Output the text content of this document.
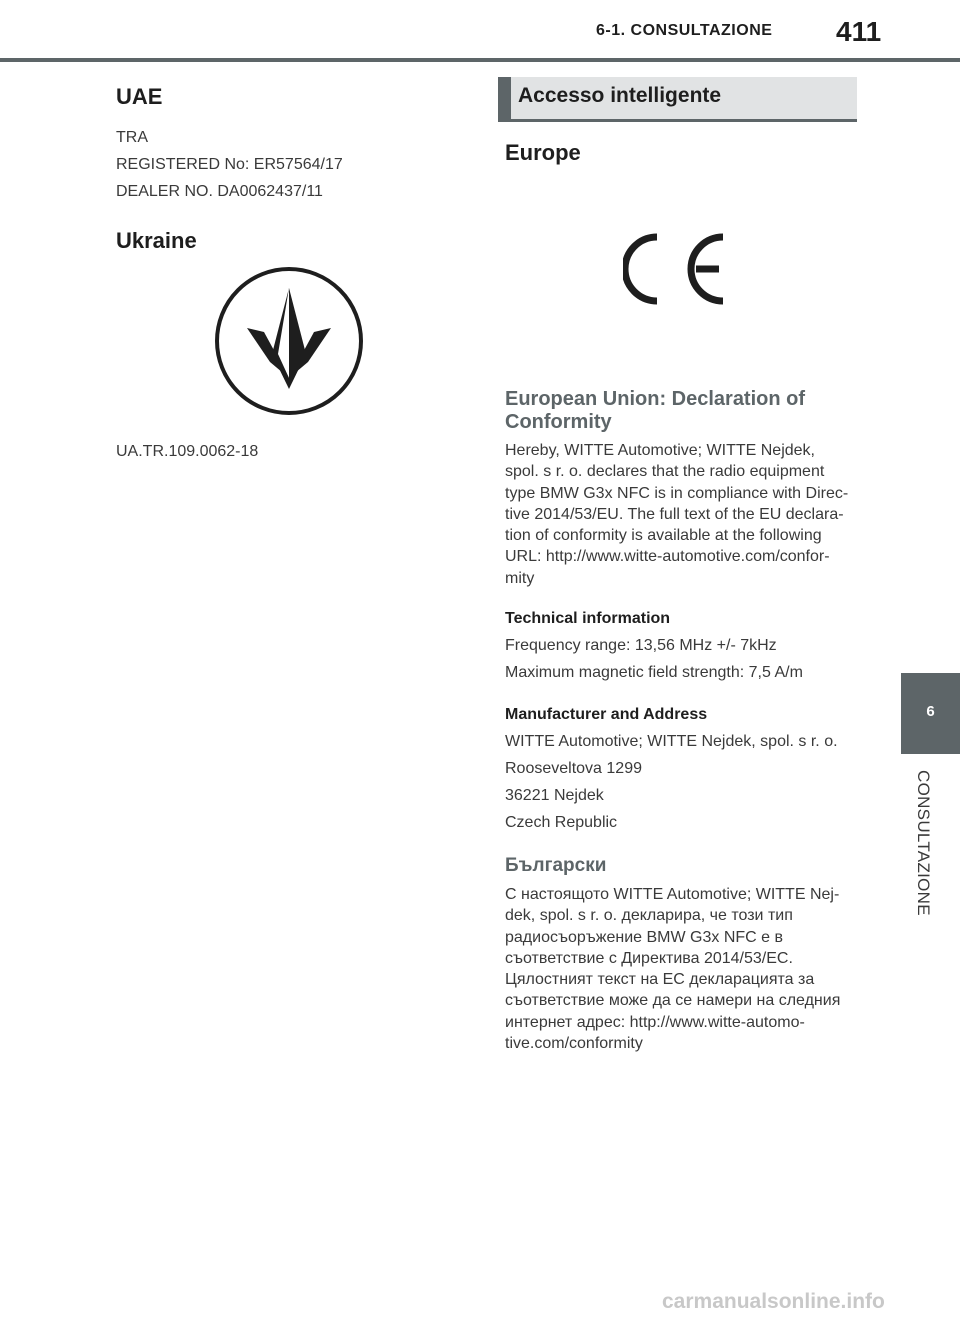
6-1. CONSULTAZIONE 411
UAE

TRA

REGISTERED No: ER57564/17

DEALER NO. DA0062437/11

Ukraine
UA.TR.109.0062-18
Accesso intelligente
Europe
European Union: Declaration of
Conformity
Hereby, WITTE Automotive; WITTE Nejdek,
spol. s r. o. declares that the radio equipment
type BMW G3x NFC is in compliance with Direc-
tive 2014/53/EU. The full text of the EU declara-
tion of conformity is available at the following
URL: http://www.witte-automotive.com/confor-
mity
Technical information
Frequency range: 13,56 MHz +/- 7kHz
Maximum magnetic field strength: 7,5 A/m
Manufacturer and Address
WITTE Automotive; WITTE Nejdek, spol. s r. o.
Rooseveltova 1299
36221 Nejdek
Czech Republic
Български
С настоящото WITTE Automotive; WITTE Nej-
dek, spol. s r. o. декларира, че този тип
радиосъоръжение BMW G3x NFC е в
съответствие с Директива 2014/53/ЕС.
Цялостният текст на ЕС декларацията за
съответствие може да се намери на следния
интернет адрес: http://www.witte-automo-
tive.com/conformity
6
CONSULTAZIONE
carmanualsonline.info
